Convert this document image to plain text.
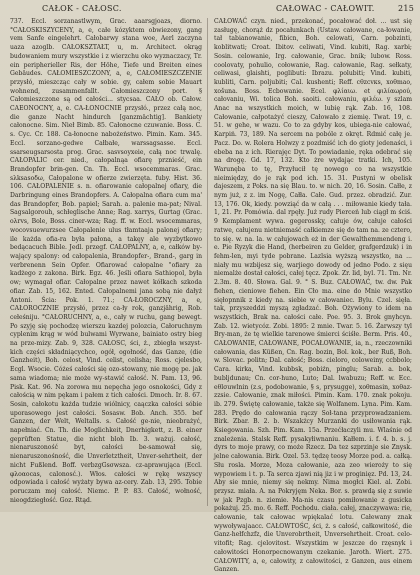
CAŁOK - CAŁOSC.	CAŁOWAC - CAŁOWIT.	215

737. Eccl. sorzanastlwym, Grac. aaarsgjoazs, diorno. °CAŁOSKISZYCENY, a, e, całe kózyktem obwiezony, gang vem Sanfe eingelehrt. Całobarwy stana woe, Aerl zaczyna uaza azoglb. CAŁOKSZTAŁT, u, m. Architect. okrąg budowaniem mury wszystkie i z wierzchu oko wyznaczacy, Tr. ein peripherieller Ris, der Höhe, Tiefe und Breiten eines Gebäudes. CAŁOMIESZCZONY, a, e, CAŁOMIESZCZENIE przysłó, mieszcząc cały w sobie. gy, całem sobie Mauart wohnend, zusammenfallt. Całomieszczony port. § Całomieszczone są od całości... stycsaa. CAŁO ob. Całow. CAEONOCNY, a, e. CA-ŁONOCNIE przysłó., przez całą noc, die ganze Nacht hindurch [ganzmächtig]. Bankiety całonocne. Sim. Nieł Bimb. 85. Całonocne czuwanie. Boss. C. s. Cyc. Cr. 188. Ca-łonocne nabożeństwo. Pimin. Kam. 345. Eccl. sorzano-gedwe Całbałe, warssagsasse. Eccl. ssarseugsarsosta prog. Grac. sasvsoyxeie, całą noc trwalę. CAŁOPALIC cer. nied., całopalnąa ofiarę prznieść, ein Brandopfer brin-gen. Cn. Th. Eccl. wsocemmaras. Grac. sλksasοδω, Całopalone w ofierze zwierzęta. fuby. Hist. 36. 106. CAŁOPALENIE s. n. ofiarowanie całopalnej ofiary, die Darbringung eines Brandopfers. A. Całopalna ofiara cum ma' das Brandopfer, Bob. papiel; Sarah. a. palenie ma-pat; Nival. Sagsalgorouh, schłeglische Anne; Rag. xarrys, Gurtag (Grac. oλrvs, Bole, Boss. ciner-wza; Rag. ff. w. Eccl. wsocemmaras, wocovsuewurzsee Całopalenie ulus tłamtaaja palonej ofiary; ile każda ofia-ra była pałona, a takęy ale wyzbytkowo bedącacuch Bible. Jedl. przegf. CAŁOPALNY, a, e, całków by-wający spalony: od całopalenia, Brandopfer-, Brand-, garg in verbrenenn Sein Opfer. Ofiarować całopalne "ofiary za kadżego z zakona. Birk. Egz. 46. Jeśli ofiara Sathiopol, była ow; wymagał ofiar. Całopalne przez nawet kółkach szkoda ofiar. Zab. 15, 162. Ented. Całopalnemi jana sobą nie dałyż Antoni. Ścia: Pok. 1. 71.; CA-ŁOROCZNY, a, e, CAŁOROCZNIE przysłó, przez ca-ły rok, ganzjährig, Rob. cełeśniju. °CAŁORUCHNY, a, e., cały w ruchu, gang bewegt. Po szyję się pochodzę wierszu kazdej polozcia, Całoruchnym cyplenim krąg w wód bulwami Wyrwane, bainiato ostry bieg na prze-mizy. Zab. 9, 328. CAŁOSC, ści, ż., zbiegła wszyst-kich części składniącychco, ogół, ogołność, das Ganze, (die Ganzheit), Boh. celost, Vind. celist, celisha; Ross. cjelesbo, Ecgl. Wsocie. Cóżeś całości się ozo-stowany, nie mogę pe. jak sama wiadoma; nie może wy-stawić całość. N. Pam. 13, 96. Pisk. Kat. 96. Na zorowa mu nepęcha jego osnokości, Gdy z całością w nim pękam i pałem z tich całości. Dmoch. Ir. 8. 67. Sosin, całokotu każda tudzie wiólnicy, caączka całości sóbie uporasowego jest całości. Sosasw. Bob. Anch. 355. bef Ganzen, der Welt, Weltalls. s. Całość ge-nie, nieobrażyć, napełniać. Cn. Th. die Moglichkeit, Dnerhigkett, z. B. einer geprüften Statue, die nicht bloh Ib. 3. ważuj. całość, nienaruszoność byt, całości be-samował się, nienaruszonośność, die Unverletztheit, Unver-sehrtheit, der nicht Fußlend. Boff. verbzgGsσwsza. cz-aprawująca (Eccl. φλοαοcas, calonosć.). Włos. całości w rękę wszyscy odpowiada i całość wyżaty bywa az-cery. Zab. 13, 295. Tobie poruczam moj całość. Niemc. P. P. 83. Całość, wołność, nieogdziegłość. Goz. Rtąd.

CAŁOWAĆ czyn. nied., przekonać, pocałować doł. ... ust się zasługę, chorąż dz pocałunkach (Ustaw. całowane, ca-łowanie, tał tabianowanie, fibicn, Boh. celowati, Carn. pobzinti, koblitwati; Croat. Ibitov. celiwati, Vind. kubiti, Rag. xarbi; Sosin. celowanie, Irg. całowanie, Grac. bnik; lubow. Ross. coolovaty, pohulio, cołowanie, Rag. całowanie, Rag. sełkaty, celiwasi, glaishti, poglibuti: Ibrazu. polubiti; Vind. kubiti, kubliti, Carn. poljubiti; Cal. kushenti; Reff. cθzcvκs, xoθmao, xošuna. Boss. Ecbowanie. Ecel. φλίαιω. et φιλίαωρού, całovaniu, Wi. tolica Boh. saoiti. całowaniu, φιλέω. y szlam Anac na wszystkich moich, w lubię rąk. Zab. 16, 108. Całowanie, całpotażyć cieszy, Całowało z ziemię. Twat. 19, c. 51. w gehe, w wazu. Co to za gdyby kos, ubiega-nie całować, Karpiń. 73, 189. Na sercem na pobóle z okręt. Rdmić całę je. Pacz. Do. w. Rolera Holwzy z pozdmiść ich do gioty jedenaści, i ebeba na z ich. Rierajęc Dyt. To powiadanie, ręka odebrać się na drogę. Gd. 17, 132. Kto żre wydając tratki. Ich, 105. Warunęba to tę, Przyłucił tę nowego co na wszystkie nieimiędzy, do je rąk pod ich. 15. 31. Pustyni w obelisk dajeszem, z Poks. na się Blau. to. w nich. 20, 16. Sosin. Całłe, z nym już, z z. im Nogę, Całła. Całe. Gud. przez. obradzić. Zur. 13, 176. Ok, kiedy. powziąć da w całą . . . miłowanie kiedy tała. 1, 21. Pr. Pomówia. dal rpęły. Już rudy Pierceń lub ciągł m ściś. 9 Kemplament wywa. gegerossky, całuje ów, całuje całości ratwe, całujenu nietniemaść całkiemze się do tam na. ze cztero, to się. w. na. la. w całujowach eż in der Gewalthemmendeng i. e. Pie Ryzyk die Hand, (herbeiren zu Gelder, grafgerdzuk) i in fehm-len, myi tyde pobrane. Lazlsia wyższą wszystko, na ... niały mu wzbijesz się, warjiego dowody od jedno Podo. z sięu niemalże dostał całości, całej tęcz. Zpok. Zr. lid, byl. 71. Tm. Nr. 2.3m. 8. 40. Słowa. Gal. 9. ° S. Buz. CAŁOWAĆ, tw. dw. Pak fiehen, cieniowe fiehen. Ein Cło ma. eine do Mnie wszystko sięłopnnik z kiedy na. siebie w całowaniec. Bylu. Czel. sięła. tak, przyszeddzi myszą zgładzać. Boh. Ożywiony to idem na wszystkich, Brak na. całości całe. Poe. 95. 3. Brok gnyhcyn. Zab. 12. wietycóz. Zobi. 1895: 2 mnie. Twar. 5. 16. Żarwszy tyl Bry-man, że tę wielkie tarenowe śmierci ściśłe. Berm. Pris. 40., CAŁOWANIE, CAŁOWANE, POCAŁOWANIE, ia, n., rzeczowniki całowania, das Küßen, Cn. Rag. bozin, Bol. kok., ber Ruß, Boh. w. Slovac. politn; Dal. całość; Boss. cieloro, coloweiny, ccbbolo; Cara. kirka, Vind. kubbsk, pobiźn, pinglu; Sarab. a. bok, bubljdunau; Cn. cor-huno, Luto; Dal. lwabuzu; Reff. w. Ecc. eθlσuwlnin (z.s, podobowanie, § s, prysugge), xoθmasin, xoθaz-zzsie. Całowanie, znak miłości. Pimin. Kam. 170. znak pokoju. ib. 279. Świętę całowanie, także się Wolfanem. Lyna. Pim. Kam. 283. Prędo do całowania rączy Soł-tana przyprowadzaniem. Birk. Zbar. B. 2. b. Wszakżcy Murzanki do usiłowania rąk. Ksiegowania. Szh. Pim. Kam. 15a. Przećłaczyli mu. Wlaśnie od znależenia. Stalsk Reff. pysakyłiwnaniu. Kałłem. i. f. 4. b. s. j. dyrs to moje prawy, co może Rzecz. Da tez szprzinje sie Znysk. jelne całowania. Birk. Ozel. 53. tędzę teosy Morze pod. a. całką. Słu rosla. Morze, Moza całowanie, aza zeo wieroży to się wypowiem i t. p. Ta serca zjawi nią jiz i w proginięz. Pd. 13, 24. Aby sie mnie, niemy się nekmy. Nima mogłci Kiel. al. Zobi. przysz. miała. A. na Pokryjęm Neka. Bor. s. prawdą się z suwie w jak Pzgb. n. ziemie. Ma-nis czasu pomiłowanie z gusicka pokażuj. 25. mo. 6. Reff. Pochodu. ciała. całej, znaczywawa: rie, całowanie, tak całowac wpiękalać lotu. Całewany znak wywoływajaacc. CAŁOWTOŚC, ści, ż. s całość, całkowitość, die Ganz-hełfchzfz, die Unverobrtheit, Unversehrtheit. Croat. celo-vitofit; Rag. cjelovitost. Wszystkim w jeszcze do rzęsnyk i całowitości Honorpecnowanym czekanie. Jaroth. Wiert. 275. CAŁOWITY, a, e, całowity, z całowitości, z Ganzen, aus einem Ganzen.
